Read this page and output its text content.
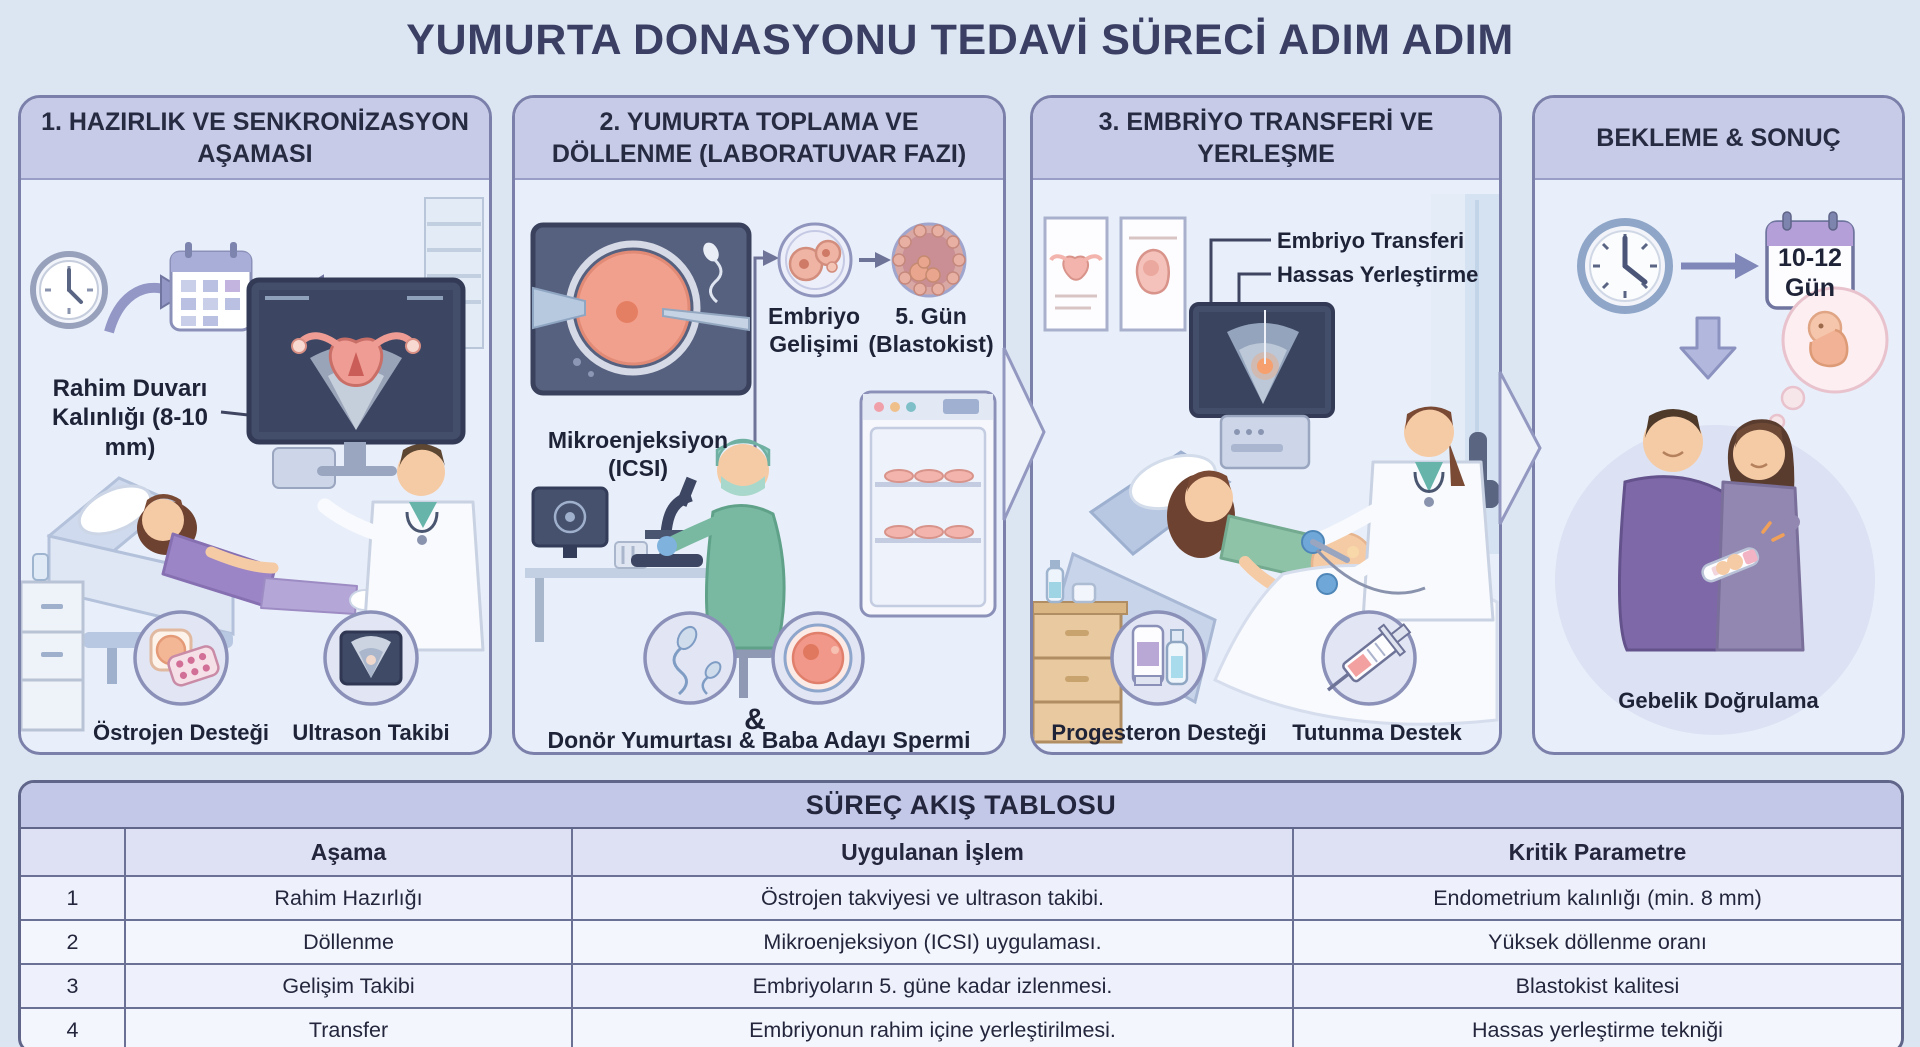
YUMURTA DONASYONU TEDAVİ SÜRECİ ADIM ADIM
1. HAZIRLIK VE SENKRONİZASYON AŞAMASI
Rahim Duvarı Kalınlığı (8-10 mm)
Östrojen Desteği	Ultrason Takibi
2. YUMURTA TOPLAMA VE DÖLLENME (LABORATUVAR FAZI)
Mikroenjeksiyon (ICSI)
Embriyo Gelişimi
5. Gün (Blastokist)
&
Donör Yumurtası & Baba Adayı Spermi
3. EMBRİYO TRANSFERİ VE YERLEŞME
Embriyo Transferi
Hassas Yerleştirme
Progesteron Desteği	Tutunma Destek
BEKLEME & SONUÇ
10-12
Gün
Gebelik Doğrulama
SÜREÇ AKIŞ TABLOSU
	Aşama	Uygulanan İşlem	Kritik Parametre
1	Rahim Hazırlığı	Östrojen takviyesi ve ultrason takibi.	Endometrium kalınlığı (min. 8 mm)
2	Döllenme	Mikroenjeksiyon (ICSI) uygulaması.	Yüksek döllenme oranı
3	Gelişim Takibi	Embriyoların 5. güne kadar izlenmesi.	Blastokist kalitesi
4	Transfer	Embriyonun rahim içine yerleştirilmesi.	Hassas yerleştirme tekniği
